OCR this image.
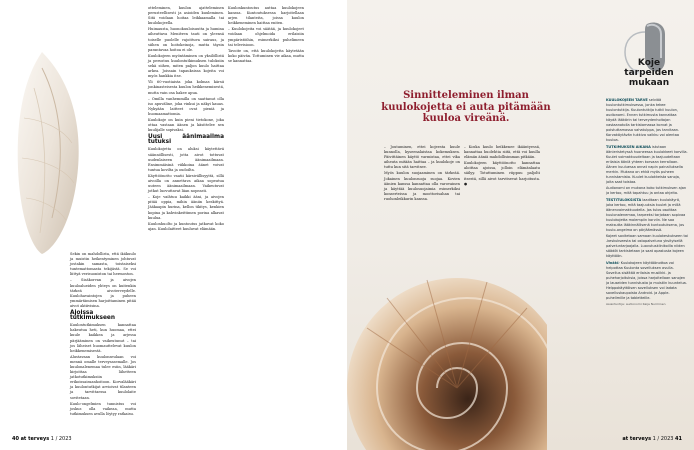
Sekin on mahdollista, että ikäkuulo ja muistin heikentyminen johtuvat jostakin samasta, toistaiseksi tuntemattomasta tekijästä. Se voi liittyä verisuoniston tai hermoston.

– Sisäkorvan ja aivojen kuuloalueiden yhteys on kuitenkin tärkeä aivoterveydelle. Kuulohavaintojen ja puheen ymmärtämisen harjoittaminen pitää aivot aktiivisina.

Ajoissa tutkimukseen

Kuulontutkimuksen kannattaa hakeutua heti, kun huomaa, ettei kuule kaikkea ja arjessa pärjääminen on vaikeutunut – tai jos läheiset huomauttelevat kuulon heikkenemisestä.

Alustavaan kuulonseulaan voi mennä omalle terveysasemalle. Jos kuulonalenemaa tulee esiin, lääkäri kirjoittaa lähetteen jatkotutkimuksiin erikoissairaanhoitoon. Korvalääkäri ja kuulontutkijat arvioivat tilanteen ja tarvittaessa kuulolaite sovitetaan.

Kuulo-ongelmien tunnistus voi joskus olla vaikeaa, mutta tutkimuksen avulla löytyy ratkaisu.

otteleminen, kuulon ajatteleminen perusteellisesti ja asioiden kuuleminen. Sitä voidaan hoitaa leikkaamalla tai kuulokojeella.

Huimausta, huonokuuloisuutta ja humina aiheuttava Menièren tauti on yleensä toiselle puolelle rajoittuva sairaus, ja siihen on hoitokeinoja, mutta täysin parantavaa hoitoa ei ole.

Kuulokojeen myöntäminen on yksilöllistä ja perustuu kuulontutkimuksen tuloksiin sekä siihen, miten paljon kuulo haittaa arkea. Joissain tapauksissa kojeita voi myös hankkia itse.

Yli 60-vuotiaista joka kolmas kärsii jonkinasteisesta kuulon heikkenemisestä, mutta vain osa hakee apua.

– Omilla vanhemmilla on saattanut olla iso apuväline, joka vinkui ja näkyi kauas. Nykyään laitteet ovat pieniä ja huomaamattomia.

Kuulokoje on kuin pieni tietokone, joka ottaa vastaan äänen ja käsittelee sen kuulijalle sopivaksi.

Uusi äänimaailma tutuksi

Kuulokojetta on aluksi käytettävä säännöllisesti, jotta aivot tottuvat uudenlaiseen äänimaailmaan. Ensimmäisinä viikkoina äänet voivat tuntua kovilta ja oudoilta.

Käyttöönotto vaatii kärsivällisyyttä, sillä aivoilla on annettava aikaa sopeutua uuteen äänimaailmaan. Vaikeutuvat jotkut luovuttavat liian nopeasti.

– Koje vaihtuu kaikki ääni, ja aivojen pitää oppia, mihin ääniin keskittyä. Jääkaapin hurina, kellon tikitys, kenkien kopina ja kahvinkeittimen porina alkavat kuulua.

Kuulonhuolto ja kuntoutus jatkuvat koko ajan. Kuulolaitteet kuuluvat elämään.

Kuulonkuntoutus auttaa kuulokojeen kanssa. Kuntoutuksessa harjoitellaan arjen tilanteita, joissa kuulon heikkeneminen haittaa eniten.

– Kuulokojeita voi säätää, ja kuulokojeet voidaan ohjelmoida erilaisiin ympäristöihin, esimerkiksi puhelimeen tai televisioon.

Tavoite on, että kuulokojetta käytetään koko päivän. Tottuminen vie aikaa, mutta se kannattaa.

40 at terveys 1 / 2023
Sinnitteleminen ilman kuulokojetta ei auta pitämään kuuloa vireänä.

– Joutuminen, ettei kojeesta kuule kunnolla, kyseenalaistaa kokemuksen. Päivittäinen käyttö varmistaa, ettei vika aiheuta mitään haittaa – ja kuulokoje on tuttu kun sitä tarvitsee.

Myös kuulon suojaaminen on tärkeää. Jokainen kuulonsuoja suojaa. Kovien äänien kanssa kannattaa olla varovainen ja käyttää kuulosuojaimia esimerkiksi konserteissa ja moottorisahan tai ruohonleikkurin kanssa.

– Koska kuulo heikkenee ikääntyessä, kannattaa huolehtia siitä, että voi kuulla elämän ääniä mahdollisimman pitkään.

Kuulokojeen käyttöönotto kannattaa aloittaa ajoissa, jolloin elämänlaatu säilyy. Totuttuminen riippuu paljolti itsestä, sillä aivot tarvitsevat harjoitusta. ●

Koje tarpeiden mukaan

KUULOKOJEEN TARVE selviää kuulontutkimuksessa, jonka tekee kuulontutkija. Kuulontutkija tutkii kuulon, audionomi. Ennen tutkimusta kannattaa käydä lääkärin tai terveydenhoitajan vastaanotolla tarkistamassa korvat ja poistuttamassa vahatulppa, jos tarvitaan. Korvakäytävän tukkiva vaikku voi alentaa kuuloa.

TUTKIMUKSEN AIKANA istutaan äänieristetyssä huoneessa kuulokkeet korvilla. Kuulet voimakkuudeltaan ja taajuudeltaan erilaisia ääniä yhteen korvaan kerrallaan. Äänen kuuluessa annat napin painalluksella merkin. Mukana on ehkä myös puheen tunnistamista. Kuulet kuulokkeista sanoja, joita saat toistaa.

Audionomi on mukana koko tutkimuksen ajan ja kertoo, mitä tapahtuu ja antaa ohjeita.

TESTITULOKSISTA laaditaan kuulokäyrä, joka kertoo, mitä taajuuksia kuulet ja millä äänenvoimakkuudella. Jos tulos osoittaa kuulonalenemaa, tarpeeksi tarjotaan sopivaa kuulokojetta molempiin korviin. Ne saa maksutta lääkinnällisenä kuntoutuksena, jos kuulo-ongelma on pärjäämässä.

Kojeet sovitetaan samaan kuulokeskukseen tai -keskukseesta tai ostopalveluna yksityisellä palveluntarjoajalla. Luovutusklinikoilla niiden säädöt tarkistetaan ja saat opastusta kojeen käyttöön.

Vinkki: Kuulokojeen käyttöönottoa voi helpottaa Kuulonta sovelluksen avulla. Sovellus sisältää erilaisia musiikki- ja puheharjoituksia, joissa harjoitellaan sanojen ja lauseiden tunnistusta ja muistiin kuuntelua. Helppokäyttöisen sovelluksen voi ladata sovelluskaupoista Android- ja Apple-puhelimille ja tabletteille.

Asiantuntija: audionomi Kaija Nurminen

at terveys 1 / 2023 41
